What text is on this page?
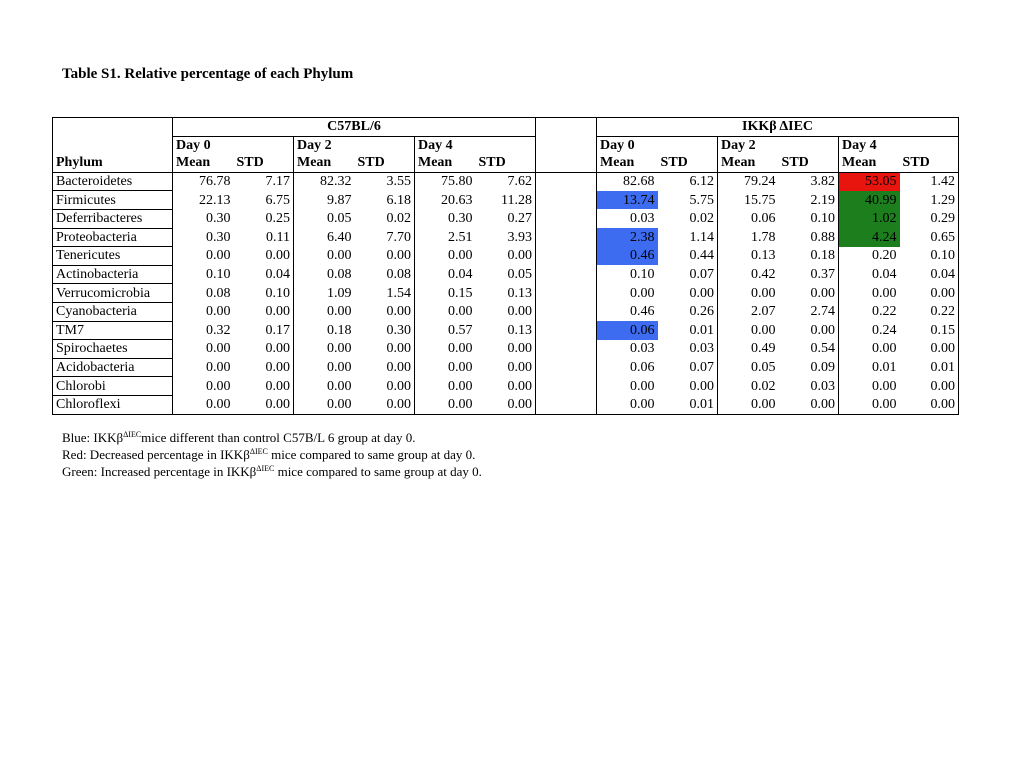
Table S1. Relative percentage of each Phylum
	C57BL/6							IKKβ ΔIEC					
	Day 0		Day 2		Day 4			Day 0		Day 2		Day 4	
Phylum	Mean	STD	Mean	STD	Mean	STD		Mean	STD	Mean	STD	Mean	STD
Bacteroidetes	76.78	7.17	82.32	3.55	75.80	7.62		82.68	6.12	79.24	3.82	53.05	1.42
Firmicutes	22.13	6.75	9.87	6.18	20.63	11.28		13.74	5.75	15.75	2.19	40.99	1.29
Deferribacteres	0.30	0.25	0.05	0.02	0.30	0.27		0.03	0.02	0.06	0.10	1.02	0.29
Proteobacteria	0.30	0.11	6.40	7.70	2.51	3.93		2.38	1.14	1.78	0.88	4.24	0.65
Tenericutes	0.00	0.00	0.00	0.00	0.00	0.00		0.46	0.44	0.13	0.18	0.20	0.10
Actinobacteria	0.10	0.04	0.08	0.08	0.04	0.05		0.10	0.07	0.42	0.37	0.04	0.04
Verrucomicrobia	0.08	0.10	1.09	1.54	0.15	0.13		0.00	0.00	0.00	0.00	0.00	0.00
Cyanobacteria	0.00	0.00	0.00	0.00	0.00	0.00		0.46	0.26	2.07	2.74	0.22	0.22
TM7	0.32	0.17	0.18	0.30	0.57	0.13		0.06	0.01	0.00	0.00	0.24	0.15
Spirochaetes	0.00	0.00	0.00	0.00	0.00	0.00		0.03	0.03	0.49	0.54	0.00	0.00
Acidobacteria	0.00	0.00	0.00	0.00	0.00	0.00		0.06	0.07	0.05	0.09	0.01	0.01
Chlorobi	0.00	0.00	0.00	0.00	0.00	0.00		0.00	0.00	0.02	0.03	0.00	0.00
Chloroflexi	0.00	0.00	0.00	0.00	0.00	0.00		0.00	0.01	0.00	0.00	0.00	0.00
Blue: IKKβ$^{\Delta IEC}$mice different than control C57B/L 6 group at day 0.
Red: Decreased percentage in IKKβ$^{\Delta IEC}$ mice compared to same group at day 0.
Green: Increased percentage in IKKβ$^{\Delta IEC}$ mice compared to same group at day 0.
